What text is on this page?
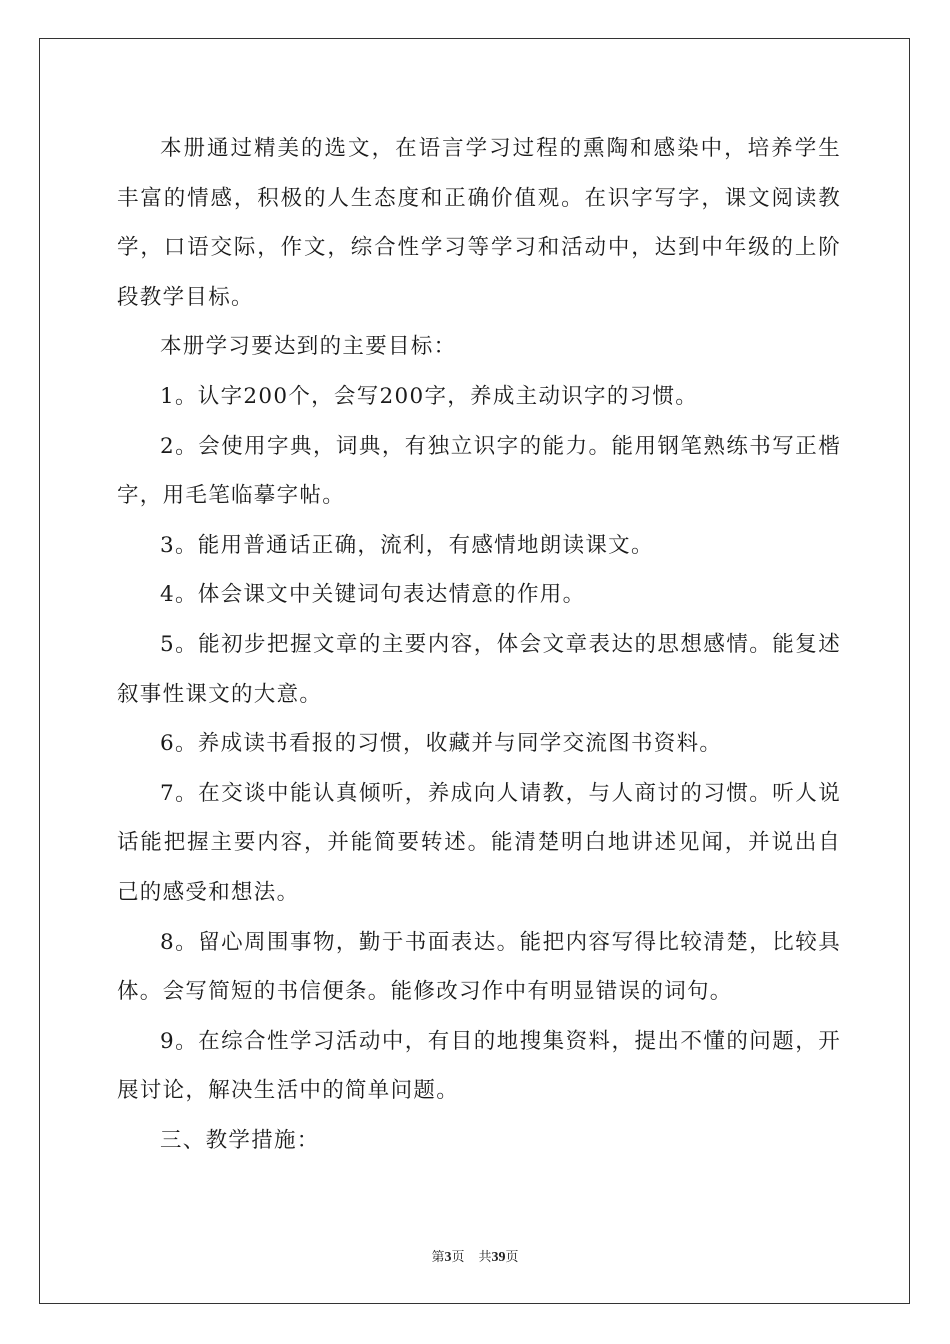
本册通过精美的选文，在语言学习过程的熏陶和感染中，培养学生丰富的情感，积极的人生态度和正确价值观。在识字写字，课文阅读教学，口语交际，作文，综合性学习等学习和活动中，达到中年级的上阶段教学目标。

本册学习要达到的主要目标：

1。认字200个，会写200字，养成主动识字的习惯。

2。会使用字典，词典，有独立识字的能力。能用钢笔熟练书写正楷字，用毛笔临摹字帖。

3。能用普通话正确，流利，有感情地朗读课文。

4。体会课文中关键词句表达情意的作用。

5。能初步把握文章的主要内容，体会文章表达的思想感情。能复述叙事性课文的大意。

6。养成读书看报的习惯，收藏并与同学交流图书资料。

7。在交谈中能认真倾听，养成向人请教，与人商讨的习惯。听人说话能把握主要内容，并能简要转述。能清楚明白地讲述见闻，并说出自己的感受和想法。

8。留心周围事物，勤于书面表达。能把内容写得比较清楚，比较具体。会写简短的书信便条。能修改习作中有明显错误的词句。

9。在综合性学习活动中，有目的地搜集资料，提出不懂的问题，开展讨论，解决生活中的简单问题。

三、教学措施：

第3页 共39页
